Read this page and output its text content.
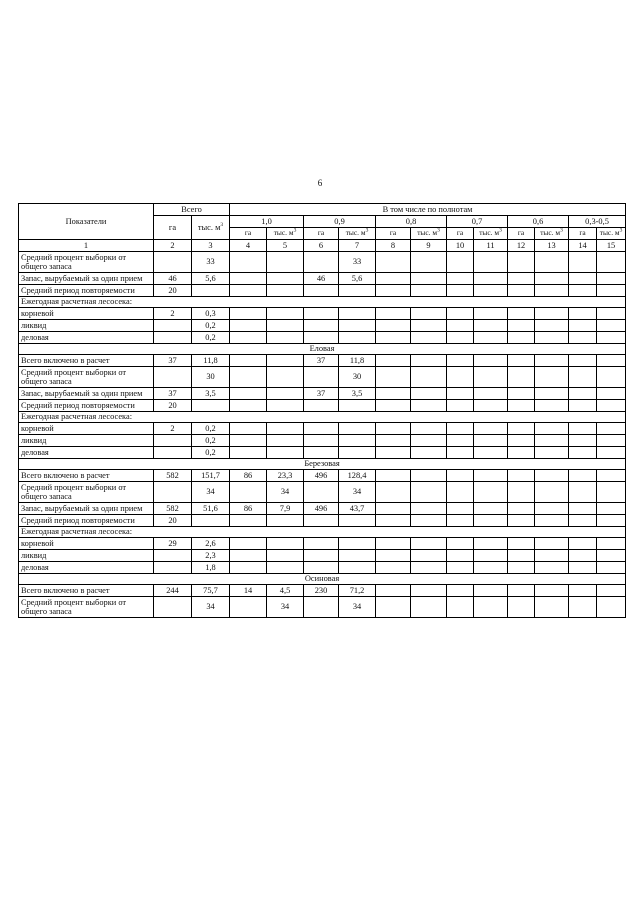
6
Показатели	Всего		В том числе по полнотам											
	га	тыс. $м^3$	1,0		0,9		0,8		0,7		0,6		0,3-0,5	
			га	тыс. $м^3$	га	тыс. $м^3$	га	тыс. $м^3$	га	тыс. $м^3$	га	тыс. $м^3$	га	тыс. $м^3$
1	2	3	4	5	6	7	8	9	10	11	12	13	14	15
Средний процент выборки от общего запаса		33				33								
Запас, вырубаемый за один прием	46	5,6			46	5,6								
Средний период повторяемости	20													
Ежегодная расчетная лесосека:														
корневой	2	0,3												
ликвид		0,2												
деловая		0,2												
Еловая														
Всего включено в расчет	37	11,8			37	11,8								
Средний процент выборки от общего запаса		30				30								
Запас, вырубаемый за один прием	37	3,5			37	3,5								
Средний период повторяемости	20													
Ежегодная расчетная лесосека:														
корневой	2	0,2												
ликвид		0,2												
деловая		0,2												
Березовая														
Всего включено в расчет	582	151,7	86	23,3	496	128,4								
Средний процент выборки от общего запаса		34		34		34								
Запас, вырубаемый за один прием	582	51,6	86	7,9	496	43,7								
Средний период повторяемости	20													
Ежегодная расчетная лесосека:														
корневой	29	2,6												
ликвид		2,3												
деловая		1,8												
Осиновая														
Всего включено в расчет	244	75,7	14	4,5	230	71,2								
Средний процент выборки от общего запаса		34		34		34								
